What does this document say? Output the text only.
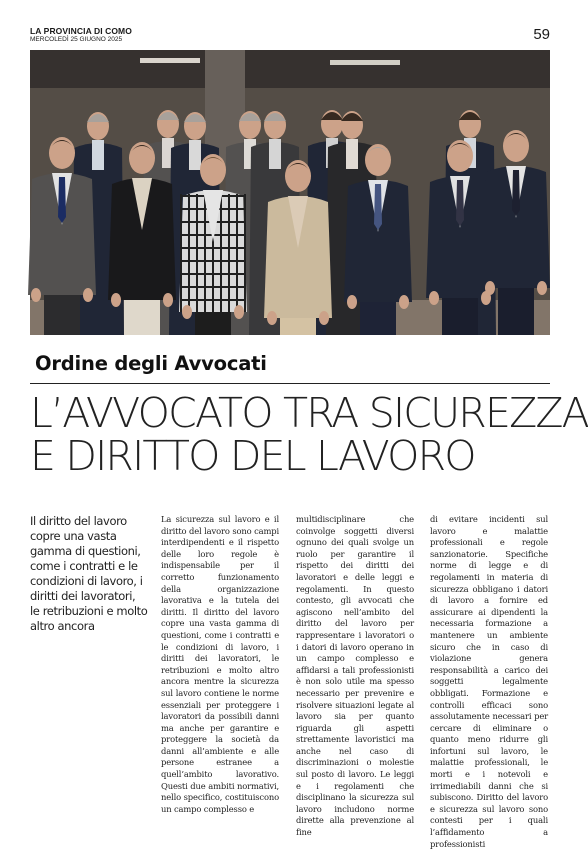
LA PROVINCIA DI COMO
MERCOLEDÌ 25 GIUGNO 2025	59
Ordine degli Avvocati
L’AVVOCATO TRA SICUREZZA
E DIRITTO DEL LAVORO

Il diritto del lavoro copre una vasta gamma di questioni, come i contratti e le condizioni di lavoro, i diritti dei lavoratori, le retribuzioni e molto altro ancora

La sicurezza sul lavoro e il diritto del lavoro sono campi interdipendenti e il rispetto delle loro regole è indispensabile per il corretto funzionamento della organizzazione lavorativa e la tutela dei diritti. Il diritto del lavoro copre una vasta gamma di questioni, come i contratti e le condizioni di lavoro, i diritti dei lavoratori, le retribuzioni e molto altro ancora mentre la sicurezza sul lavoro contiene le norme essenziali per proteggere i lavoratori da possibili danni ma anche per garantire e proteggere la società da danni all’ambiente e alle persone estranee a quell’ambito lavorativo. Questi due ambiti normativi, nello specifico, costituiscono un campo complesso e

multidisciplinare che coinvolge soggetti diversi ognuno dei quali svolge un ruolo per garantire il rispetto dei diritti dei lavoratori e delle leggi e regolamenti. In questo contesto, gli avvocati che agiscono nell’ambito del diritto del lavoro per rappresentare i lavoratori o i datori di lavoro operano in un campo complesso e affidarsi a tali professionisti è non solo utile ma spesso necessario per prevenire e risolvere situazioni legate al lavoro sia per quanto riguarda gli aspetti strettamente lavoristici ma anche nel caso di discriminazioni o molestie sul posto di lavoro. Le leggi e i regolamenti che disciplinano la sicurezza sul lavoro includono norme dirette alla prevenzione al fine

di evitare incidenti sul lavoro e malattie professionali e regole sanzionatorie. Specifiche norme di legge e di regolamenti in materia di sicurezza obbligano i datori di lavoro a fornire ed assicurare ai dipendenti la necessaria formazione a mantenere un ambiente sicuro che in caso di violazione genera responsabilità a carico dei soggetti legalmente obbligati. Formazione e controlli efficaci sono assolutamente necessari per cercare di eliminare o quanto meno ridurre gli infortuni sul lavoro, le malattie professionali, le morti e i notevoli e irrimediabili danni che si subiscono. Diritto del lavoro e sicurezza sul lavoro sono contesti per i quali l’affidamento a professionisti
